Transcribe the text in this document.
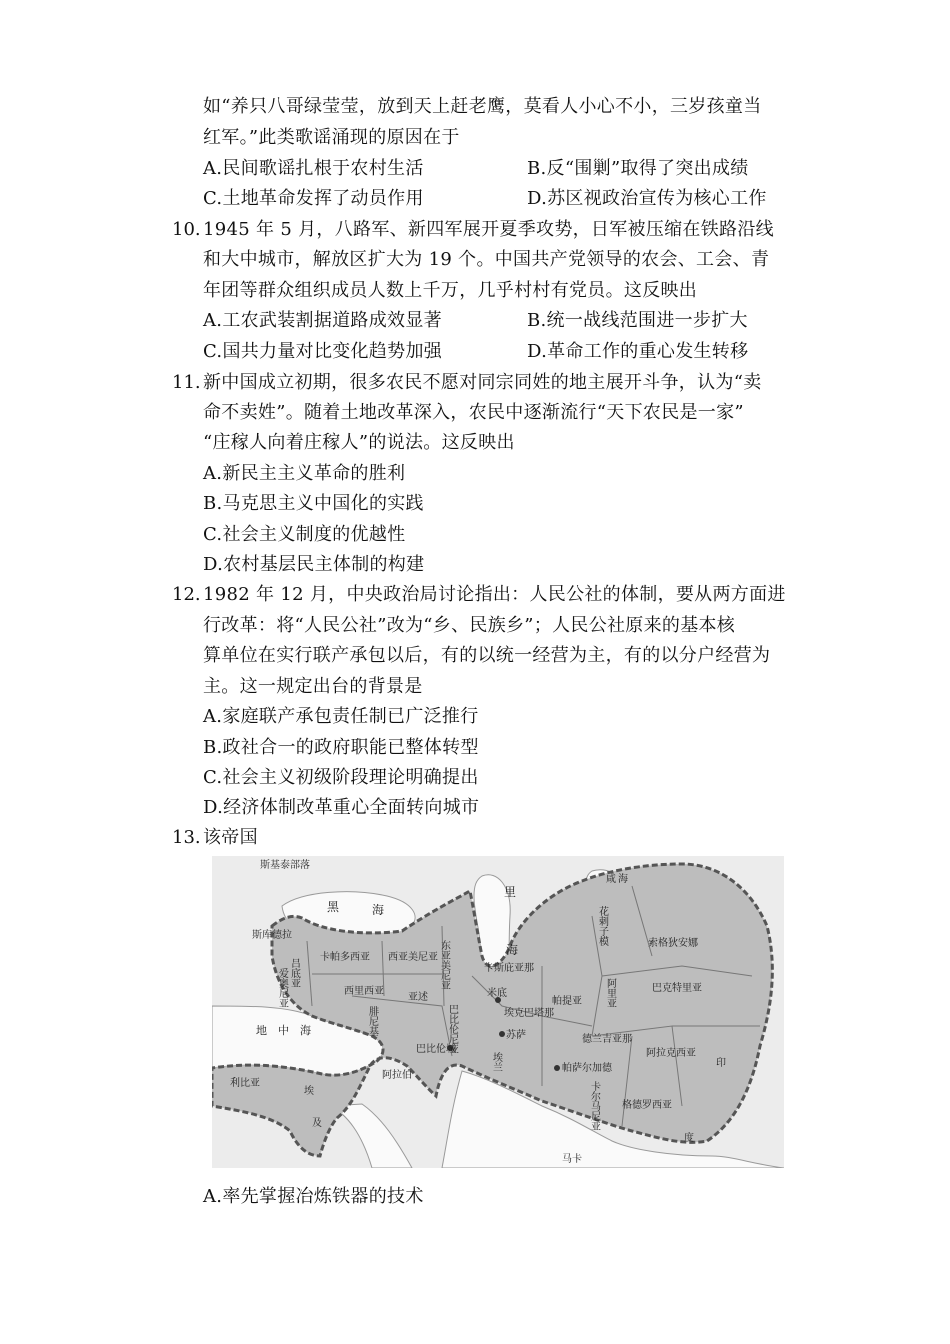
如“养只八哥绿莹莹，放到天上赶老鹰，莫看人小心不小，三岁孩童当
红军。”此类歌谣涌现的原因在于
A.民间歌谣扎根于农村生活	B.反“围剿”取得了突出成绩
C.土地革命发挥了动员作用	D.苏区视政治宣传为核心工作
10. 1945 年 5 月，八路军、新四军展开夏季攻势，日军被压缩在铁路沿线
和大中城市，解放区扩大为 19 个。中国共产党领导的农会、工会、青
年团等群众组织成员人数上千万，几乎村村有党员。这反映出
A.工农武装割据道路成效显著	B.统一战线范围进一步扩大
C.国共力量对比变化趋势加强	D.革命工作的重心发生转移
11. 新中国成立初期，很多农民不愿对同宗同姓的地主展开斗争，认为“卖
命不卖姓”。随着土地改革深入，农民中逐渐流行“天下农民是一家”
“庄稼人向着庄稼人”的说法。这反映出
A.新民主主义革命的胜利
B.马克思主义中国化的实践
C.社会主义制度的优越性
D.农村基层民主体制的构建
12. 1982 年 12 月，中央政治局讨论指出：人民公社的体制，要从两方面进
行改革：将“人民公社”改为“乡、民族乡”；人民公社原来的基本核
算单位在实行联产承包以后，有的以统一经营为主，有的以分户经营为
主。这一规定出台的背景是
A.家庭联产承包责任制已广泛推行
B.政社合一的政府职能已整体转型
C.社会主义初级阶段理论明确提出
D.经济体制改革重心全面转向城市
13. 该帝国
斯基泰部落
黑	海
里
海
咸 海
花剌子模	索格狄安娜
斯库德拉
吕底亚
爱奥尼亚
卡帕多西亚 西亚美尼亚 东亚美尼亚
米底
卡斯庇亚那
帕提亚 阿里亚	巴克特里亚
西里西亚
亚述
埃克巴塔那
巴比伦尼亚
巴比伦城
苏萨
埃兰	帕萨尔加德
德兰吉亚那
阿拉克西亚
腓尼基
地　中　海
利比亚
埃
及
阿拉伯
卡尔马尼亚 格德罗西亚
印
度
马卡
A.率先掌握冶炼铁器的技术
